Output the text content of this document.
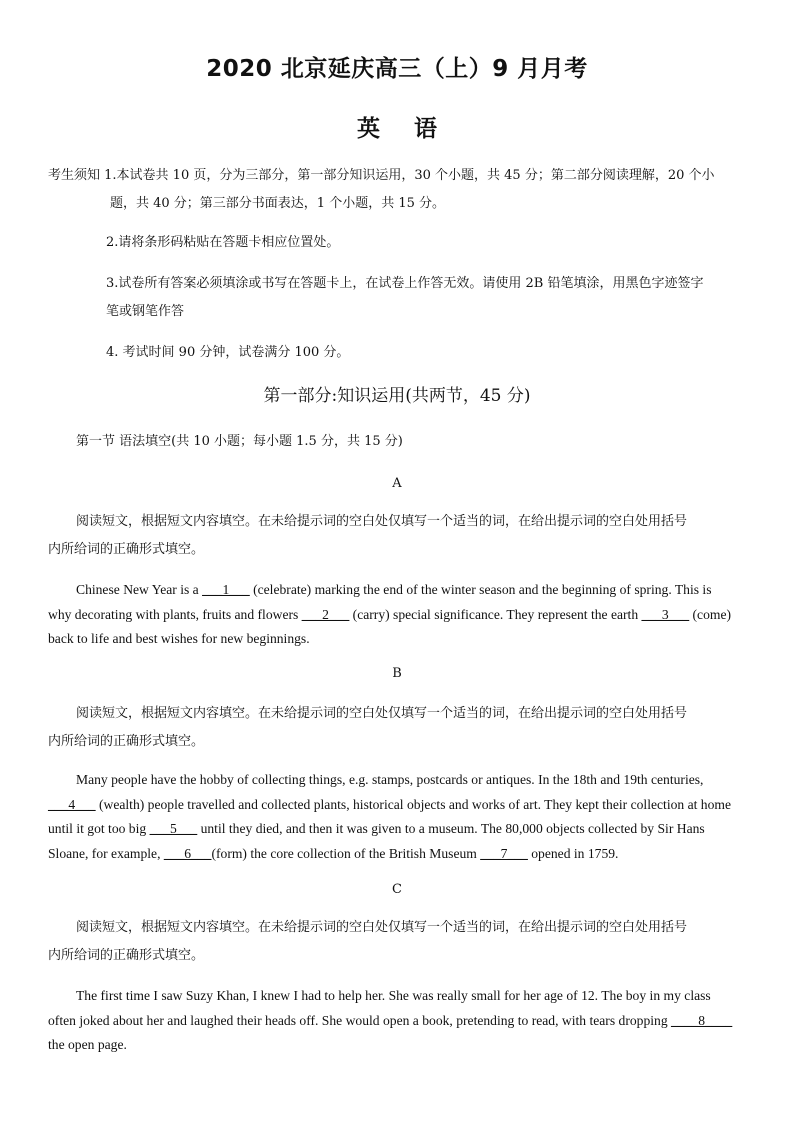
2020 北京延庆高三（上）9 月月考
英语
考生须知 1.本试卷共 10 页，分为三部分，第一部分知识运用，30 个小题，共 45 分；第二部分阅读理解，20 个小
题，共 40 分；第三部分书面表达，1 个小题，共 15 分。
2.请将条形码粘贴在答题卡相应位置处。
3.试卷所有答案必须填涂或书写在答题卡上，在试卷上作答无效。请使用 2B 铅笔填涂，用黑色字迹签字
笔或钢笔作答
4. 考试时间 90 分钟，试卷满分 100 分。
第一部分:知识运用(共两节，45 分)
第一节 语法填空(共 10 小题；每小题 1.5 分，共 15 分)
A
阅读短文，根据短文内容填空。在未给提示词的空白处仅填写一个适当的词，在给出提示词的空白处用括号
内所给词的正确形式填空。
Chinese New Year is a ___1___ (celebrate) marking the end of the winter season and the beginning of spring. This is why decorating with plants, fruits and flowers ___2___ (carry) special significance. They represent the earth ___3___ (come) back to life and best wishes for new beginnings.
B
阅读短文，根据短文内容填空。在未给提示词的空白处仅填写一个适当的词，在给出提示词的空白处用括号
内所给词的正确形式填空。
Many people have the hobby of collecting things, e.g. stamps, postcards or antiques. In the 18th and 19th centuries, ___4___ (wealth) people travelled and collected plants, historical objects and works of art. They kept their collection at home until it got too big ___5___ until they died, and then it was given to a museum. The 80,000 objects collected by Sir Hans Sloane, for example, ___6___(form) the core collection of the British Museum ___7___ opened in 1759.
C
阅读短文，根据短文内容填空。在未给提示词的空白处仅填写一个适当的词，在给出提示词的空白处用括号
内所给词的正确形式填空。
The first time I saw Suzy Khan, I knew I had to help her. She was really small for her age of 12. The boy in my class often joked about her and laughed their heads off. She would open a book, pretending to read, with tears dropping ____8____ the open page.
